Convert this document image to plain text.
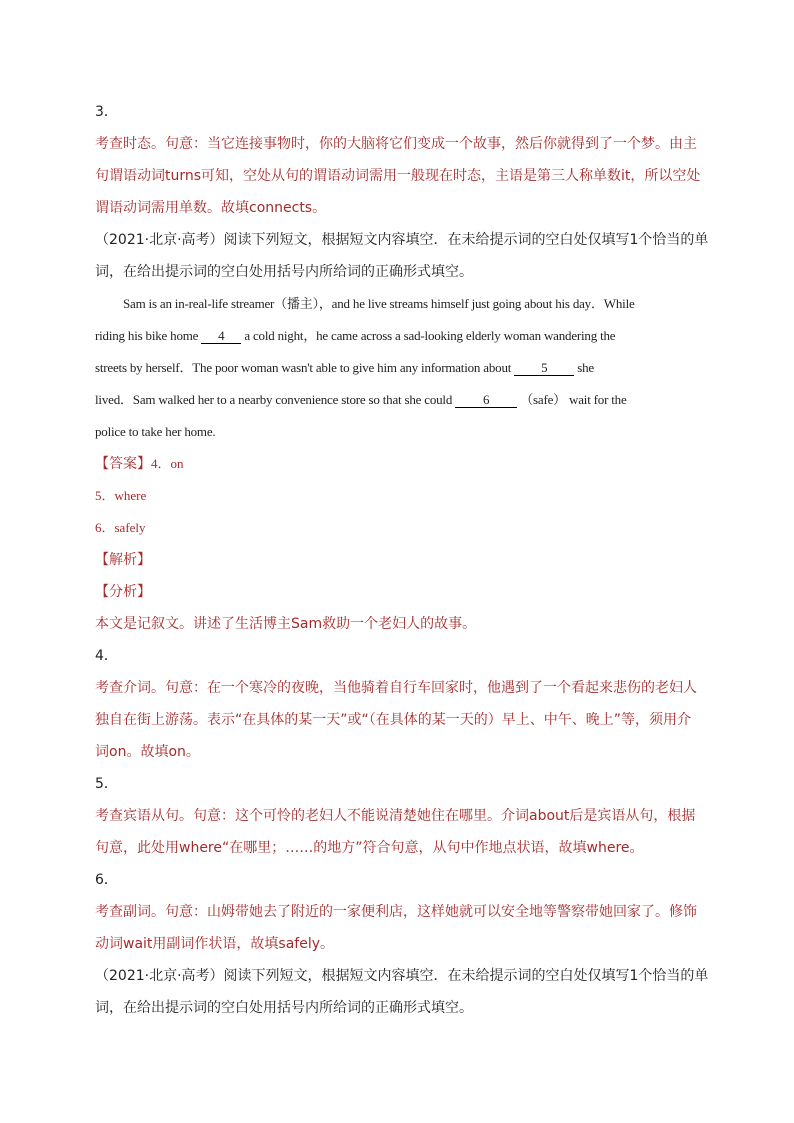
3．
考查时态。句意：当它连接事物时，你的大脑将它们变成一个故事，然后你就得到了一个梦。由主
句谓语动词turns可知，空处从句的谓语动词需用一般现在时态，主语是第三人称单数it，所以空处
谓语动词需用单数。故填connects。
（2021·北京·高考）阅读下列短文，根据短文内容填空．在未给提示词的空白处仅填写1个恰当的单
词，在给出提示词的空白处用括号内所给词的正确形式填空。
Sam is an in-real-life streamer（播主），and he live streams himself just going about his day．While
riding his bike home 4 a cold night，he came across a sad-looking elderly woman wandering the
streets by herself．The poor woman wasn't able to give him any information about 5 she
lived．Sam walked her to a nearby convenience store so that she could 6 （safe） wait for the
police to take her home.
【答案】4．on
5．where
6．safely
【解析】
【分析】
本文是记叙文。讲述了生活博主Sam救助一个老妇人的故事。
4．
考查介词。句意：在一个寒冷的夜晚，当他骑着自行车回家时，他遇到了一个看起来悲伤的老妇人
独自在街上游荡。表示“在具体的某一天”或“（在具体的某一天的）早上、中午、晚上”等，须用介
词on。故填on。
5．
考查宾语从句。句意：这个可怜的老妇人不能说清楚她住在哪里。介词about后是宾语从句，根据
句意，此处用where“在哪里；……的地方”符合句意，从句中作地点状语，故填where。
6．
考查副词。句意：山姆带她去了附近的一家便利店，这样她就可以安全地等警察带她回家了。修饰
动词wait用副词作状语，故填safely。
（2021·北京·高考）阅读下列短文，根据短文内容填空．在未给提示词的空白处仅填写1个恰当的单
词，在给出提示词的空白处用括号内所给词的正确形式填空。
